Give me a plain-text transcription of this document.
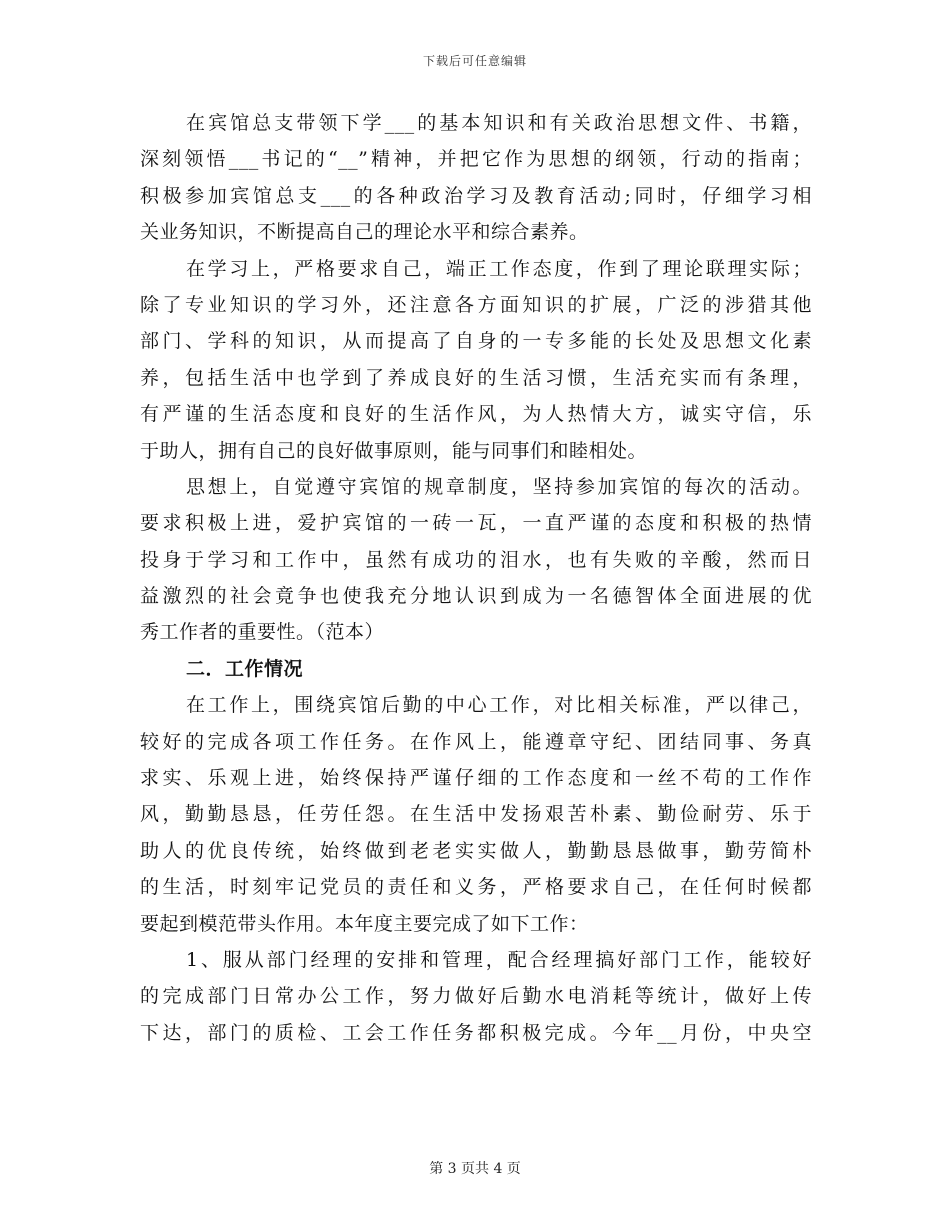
下载后可任意编辑
在宾馆总支带领下学___的基本知识和有关政治思想文件、书籍，
深刻领悟___书记的“__”精神，并把它作为思想的纲领，行动的指南；
积极参加宾馆总支___的各种政治学习及教育活动;同时，仔细学习相
关业务知识，不断提高自己的理论水平和综合素养。
在学习上，严格要求自己，端正工作态度，作到了理论联理实际；
除了专业知识的学习外，还注意各方面知识的扩展，广泛的涉猎其他
部门、学科的知识，从而提高了自身的一专多能的长处及思想文化素
养，包括生活中也学到了养成良好的生活习惯，生活充实而有条理，
有严谨的生活态度和良好的生活作风，为人热情大方，诚实守信，乐
于助人，拥有自己的良好做事原则，能与同事们和睦相处。
思想上，自觉遵守宾馆的规章制度，坚持参加宾馆的每次的活动。
要求积极上进，爱护宾馆的一砖一瓦，一直严谨的态度和积极的热情
投身于学习和工作中，虽然有成功的泪水，也有失败的辛酸，然而日
益激烈的社会竟争也使我充分地认识到成为一名德智体全面进展的优
秀工作者的重要性。（范本）
二．工作情况
在工作上，围绕宾馆后勤的中心工作，对比相关标准，严以律己，
较好的完成各项工作任务。在作风上，能遵章守纪、团结同事、务真
求实、乐观上进，始终保持严谨仔细的工作态度和一丝不苟的工作作
风，勤勤恳恳，任劳任怨。在生活中发扬艰苦朴素、勤俭耐劳、乐于
助人的优良传统，始终做到老老实实做人，勤勤恳恳做事，勤劳简朴
的生活，时刻牢记党员的责任和义务，严格要求自己，在任何时候都
要起到模范带头作用。本年度主要完成了如下工作：
1、服从部门经理的安排和管理，配合经理搞好部门工作，能较好
的完成部门日常办公工作，努力做好后勤水电消耗等统计，做好上传
下达，部门的质检、工会工作任务都积极完成。今年__月份，中央空
第 3 页共 4 页
